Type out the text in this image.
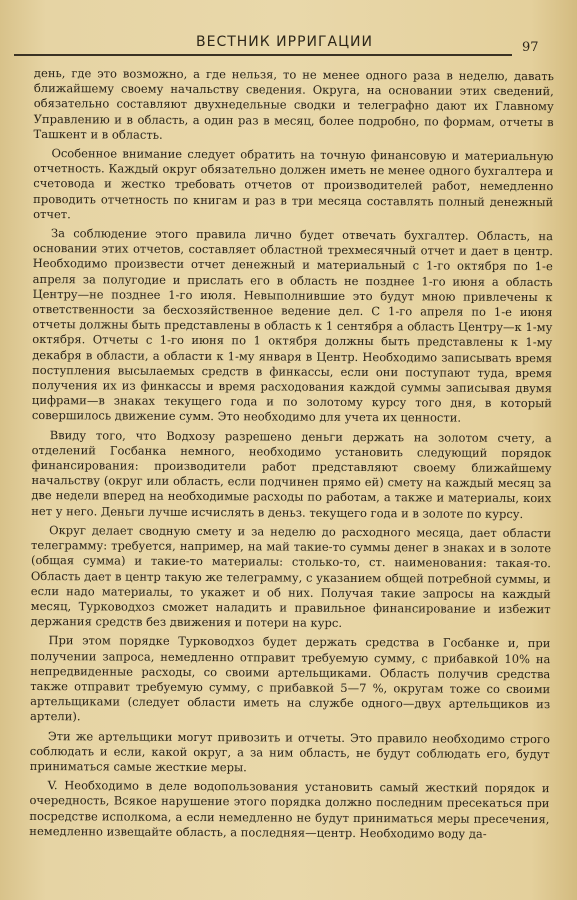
ВЕСТНИК ИРРИГАЦИИ	97

день, где это возможно, а где нельзя, то не менее одного раза в неделю, давать ближайшему своему начальству сведения. Округа, на основании этих сведений, обязательно составляют двухнедельные сводки и телеграфно дают их Главному Управлению и в область, а один раз в месяц, более подробно, по формам, отчеты в Ташкент и в область.

Особенное внимание следует обратить на точную финансовую и материальную отчетность. Каждый округ обязательно должен иметь не менее одного бухгалтера и счетовода и жестко требовать отчетов от производителей работ, немедленно проводить отчетность по книгам и раз в три месяца составлять полный денежный отчет.

За соблюдение этого правила лично будет отвечать бухгалтер. Область, на основании этих отчетов, составляет областной трехмесячный отчет и дает в центр. Необходимо произвести отчет денежный и материальный с 1-го октября по 1-е апреля за полугодие и прислать его в область не позднее 1-го июня а область Центру—не позднее 1-го июля. Невыполнившие это будут мною привлечены к ответственности за бесхозяйственное ведение дел. С 1-го апреля по 1-е июня отчеты должны быть представлены в область к 1 сентября а область Центру—к 1-му октября. Отчеты с 1-го июня по 1 октября должны быть представлены к 1-му декабря в области, а области к 1-му января в Центр. Необходимо записывать время поступления высылаемых средств в финкассы, если они поступают туда, время получения их из финкассы и время расходования каждой суммы записывая двумя цифрами—в знаках текущего года и по золотому курсу того дня, в который совершилось движение сумм. Это необходимо для учета их ценности.

Ввиду того, что Водхозу разрешено деньги держать на золотом счету, а отделений Госбанка немного, необходимо установить следующий порядок финансирования: производители работ представляют своему ближайшему начальству (округ или область, если подчинен прямо ей) смету на каждый месяц за две недели вперед на необходимые расходы по работам, а также и материалы, коих нет у него. Деньги лучше исчислять в деньз. текущего года и в золоте по курсу.

Округ делает сводную смету и за неделю до расходного месяца, дает области телеграмму: требуется, например, на май такие-то суммы денег в знаках и в золоте (общая сумма) и такие-то материалы: столько-то, ст. наименования: такая-то. Область дает в центр такую же телеграмму, с указанием общей потребной суммы, и если надо материалы, то укажет и об них. Получая такие запросы на каждый месяц, Турководхоз сможет наладить и правильное финансирование и избежит держания средств без движения и потери на курс.

При этом порядке Турководхоз будет держать средства в Госбанке и, при получении запроса, немедленно отправит требуемую сумму, с прибавкой 10% на непредвиденные расходы, со своими артельщиками. Область получив средства также отправит требуемую сумму, с прибавкой 5—7 %, округам тоже со своими артельщиками (следует области иметь на службе одного—двух артельщиков из артели).

Эти же артельщики могут привозить и отчеты. Это правило необходимо строго соблюдать и если, какой округ, а за ним область, не будут соблюдать его, будут приниматься самые жесткие меры.

V. Необходимо в деле водопользования установить самый жесткий порядок и очередность, Всякое нарушение этого порядка должно последним пресекаться при посредстве исполкома, а если немедленно не будут приниматься меры пресечения, немедленно извещайте область, а последняя—центр. Необходимо воду да-
